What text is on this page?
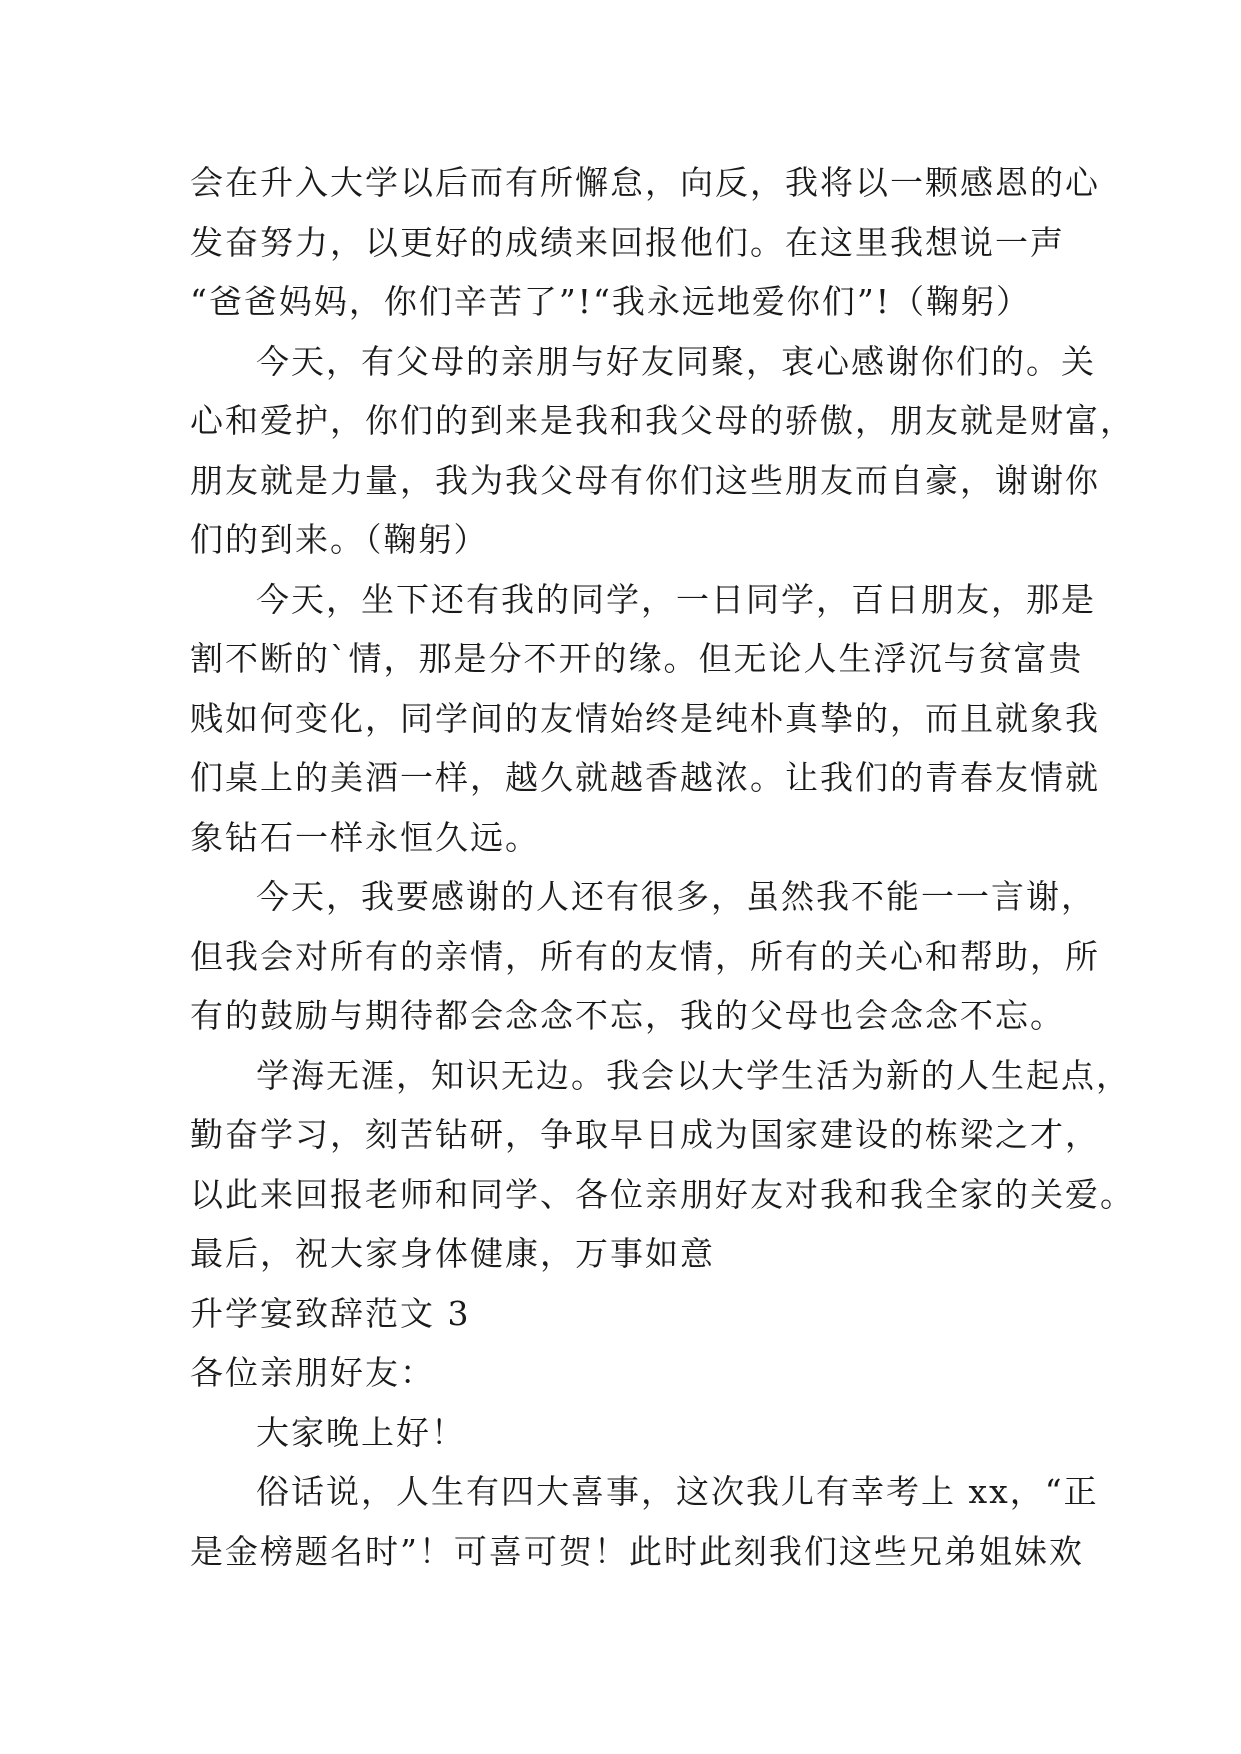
会在升入大学以后而有所懈怠，向反，我将以一颗感恩的心
发奋努力，以更好的成绩来回报他们。在这里我想说一声
“爸爸妈妈，你们辛苦了”!“我永远地爱你们”!（鞠躬）
今天，有父母的亲朋与好友同聚，衷心感谢你们的。关
心和爱护，你们的到来是我和我父母的骄傲，朋友就是财富，
朋友就是力量，我为我父母有你们这些朋友而自豪，谢谢你
们的到来。（鞠躬）
今天，坐下还有我的同学，一日同学，百日朋友，那是
割不断的`情，那是分不开的缘。但无论人生浮沉与贫富贵
贱如何变化，同学间的友情始终是纯朴真挚的，而且就象我
们桌上的美酒一样，越久就越香越浓。让我们的青春友情就
象钻石一样永恒久远。
今天，我要感谢的人还有很多，虽然我不能一一言谢，
但我会对所有的亲情，所有的友情，所有的关心和帮助，所
有的鼓励与期待都会念念不忘，我的父母也会念念不忘。
学海无涯，知识无边。我会以大学生活为新的人生起点，
勤奋学习，刻苦钻研，争取早日成为国家建设的栋梁之才，
以此来回报老师和同学、各位亲朋好友对我和我全家的关爱。
最后，祝大家身体健康，万事如意
升学宴致辞范文 3
各位亲朋好友：
大家晚上好！
俗话说，人生有四大喜事，这次我儿有幸考上 xx，“正
是金榜题名时”！可喜可贺！此时此刻我们这些兄弟姐妹欢
